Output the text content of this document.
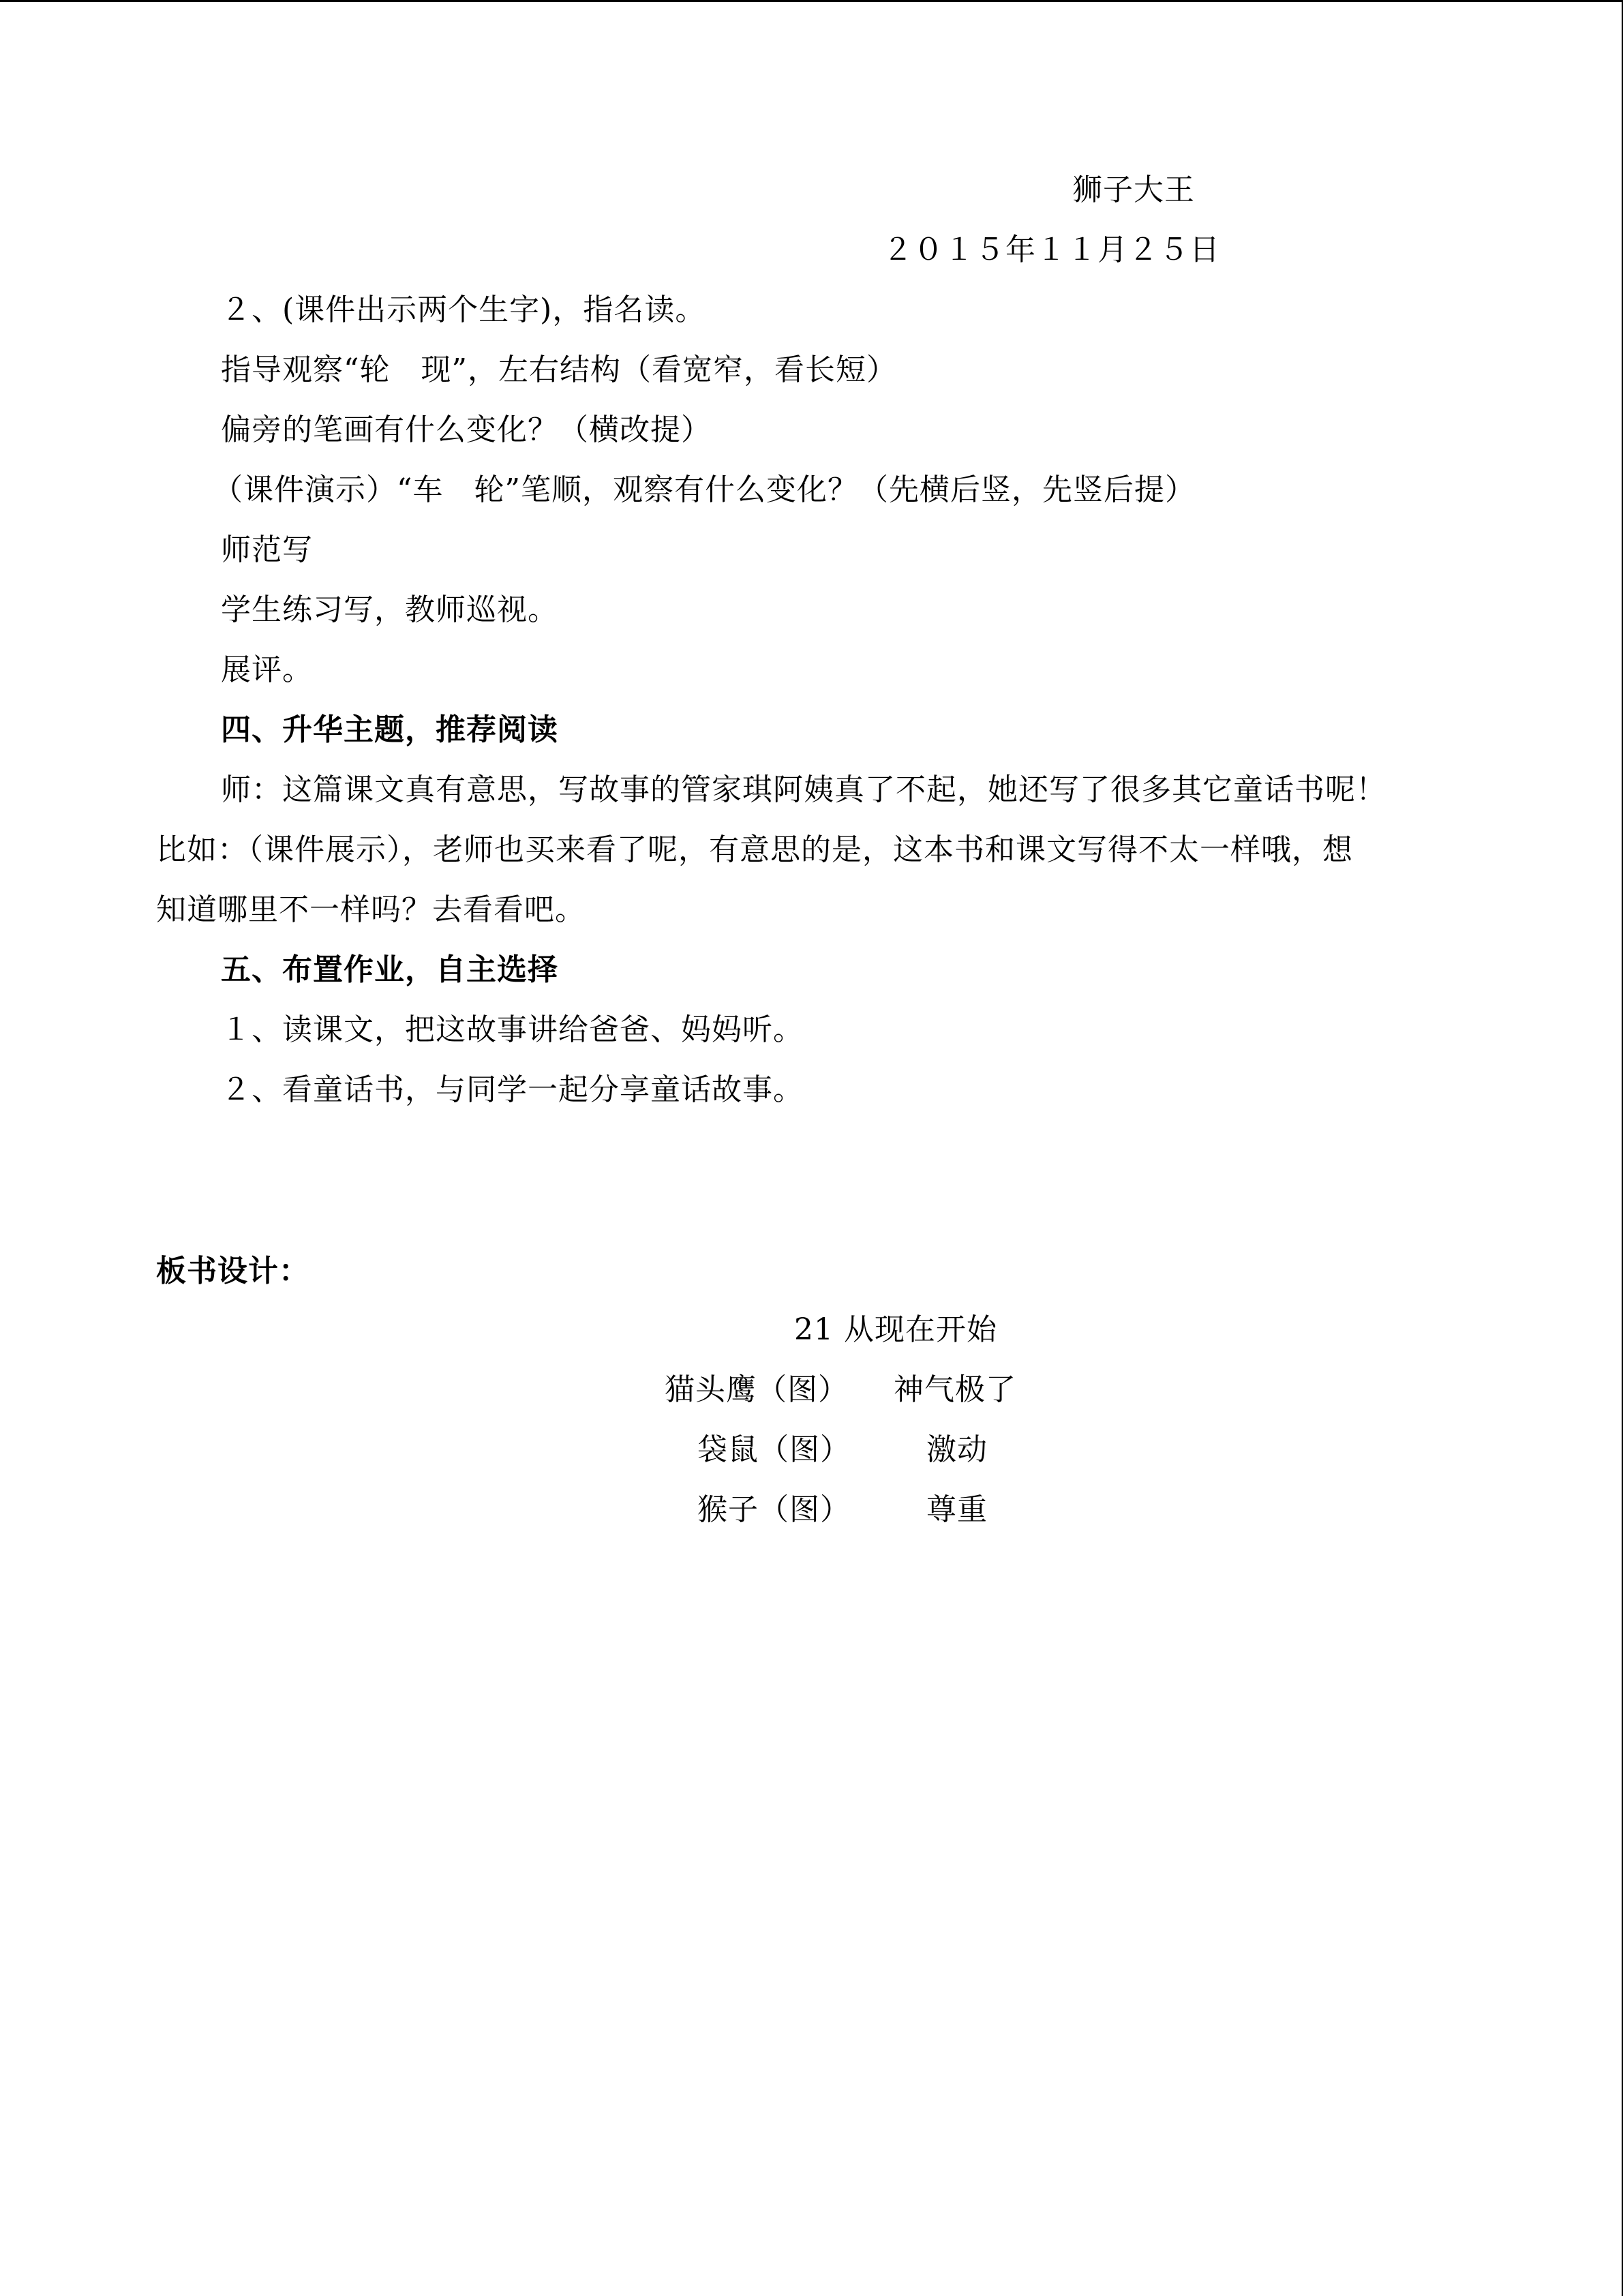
狮子大王
２０１５年１１月２５日
２、(课件出示两个生字)，指名读。
指导观察“轮　现”，左右结构（看宽窄，看长短）
偏旁的笔画有什么变化？（横改提）
（课件演示）“车　轮”笔顺，观察有什么变化？（先横后竖，先竖后提）
师范写
学生练习写，教师巡视。
展评。
四、升华主题，推荐阅读
师：这篇课文真有意思，写故事的管家琪阿姨真了不起，她还写了很多其它童话书呢！
比如：（课件展示），老师也买来看了呢，有意思的是，这本书和课文写得不太一样哦，想
知道哪里不一样吗？去看看吧。
五、布置作业，自主选择
１、读课文，把这故事讲给爸爸、妈妈听。
２、看童话书，与同学一起分享童话故事。
板书设计：
21 从现在开始
猫头鹰（图） 神气极了
袋鼠（图）	激动
猴子（图）	尊重
